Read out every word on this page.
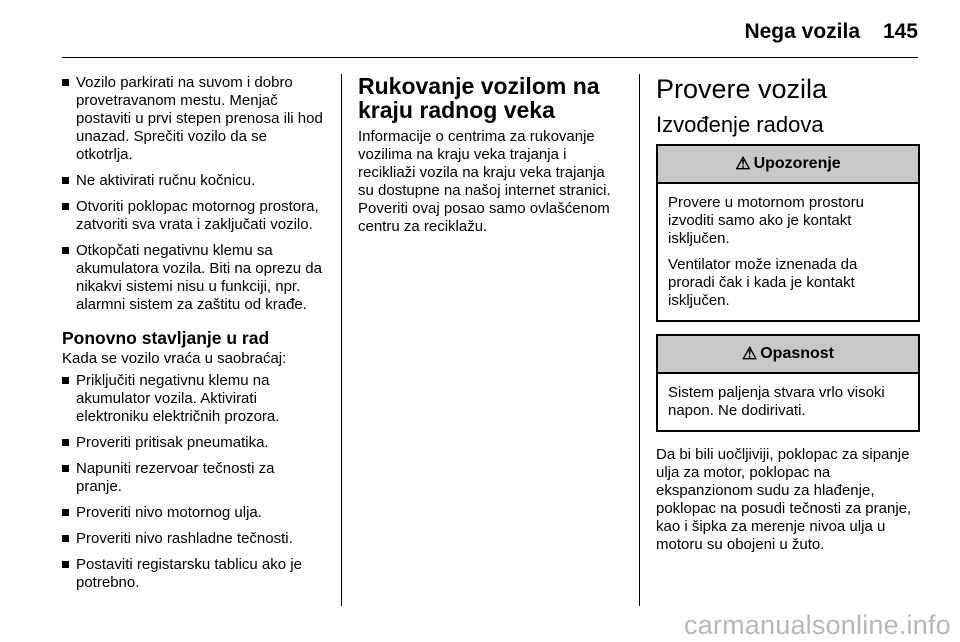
Nega vozila 145
Vozilo parkirati na suvom i dobro provetravanom mestu. Menjač postaviti u prvi stepen prenosa ili hod unazad. Sprečiti vozilo da se otkotrlja.
Ne aktivirati ručnu kočnicu.
Otvoriti poklopac motornog prostora, zatvoriti sva vrata i zaključati vozilo.
Otkopčati negativnu klemu sa akumulatora vozila. Biti na oprezu da nikakvi sistemi nisu u funkciji, npr. alarmni sistem za zaštitu od krađe.
Ponovno stavljanje u rad
Kada se vozilo vraća u saobraćaj:
Priključiti negativnu klemu na akumulator vozila. Aktivirati elektroniku električnih prozora.
Proveriti pritisak pneumatika.
Napuniti rezervoar tečnosti za pranje.
Proveriti nivo motornog ulja.
Proveriti nivo rashladne tečnosti.
Postaviti registarsku tablicu ako je potrebno.
Rukovanje vozilom na kraju radnog veka
Informacije o centrima za rukovanje vozilima na kraju veka trajanja i recikliaži vozila na kraju veka trajanja su dostupne na našoj internet stranici. Poveriti ovaj posao samo ovlašćenom centru za reciklažu.
Provere vozila
Izvođenje radova
⚠ Upozorenje
Provere u motornom prostoru izvoditi samo ako je kontakt isključen.
Ventilator može iznenada da proradi čak i kada je kontakt isključen.
⚠ Opasnost
Sistem paljenja stvara vrlo visoki napon. Ne dodirivati.
Da bi bili uočljiviji, poklopac za sipanje ulja za motor, poklopac na ekspanzionom sudu za hlađenje, poklopac na posudi tečnosti za pranje, kao i šipka za merenje nivoa ulja u motoru su obojeni u žuto.
carmanualsonline.info
